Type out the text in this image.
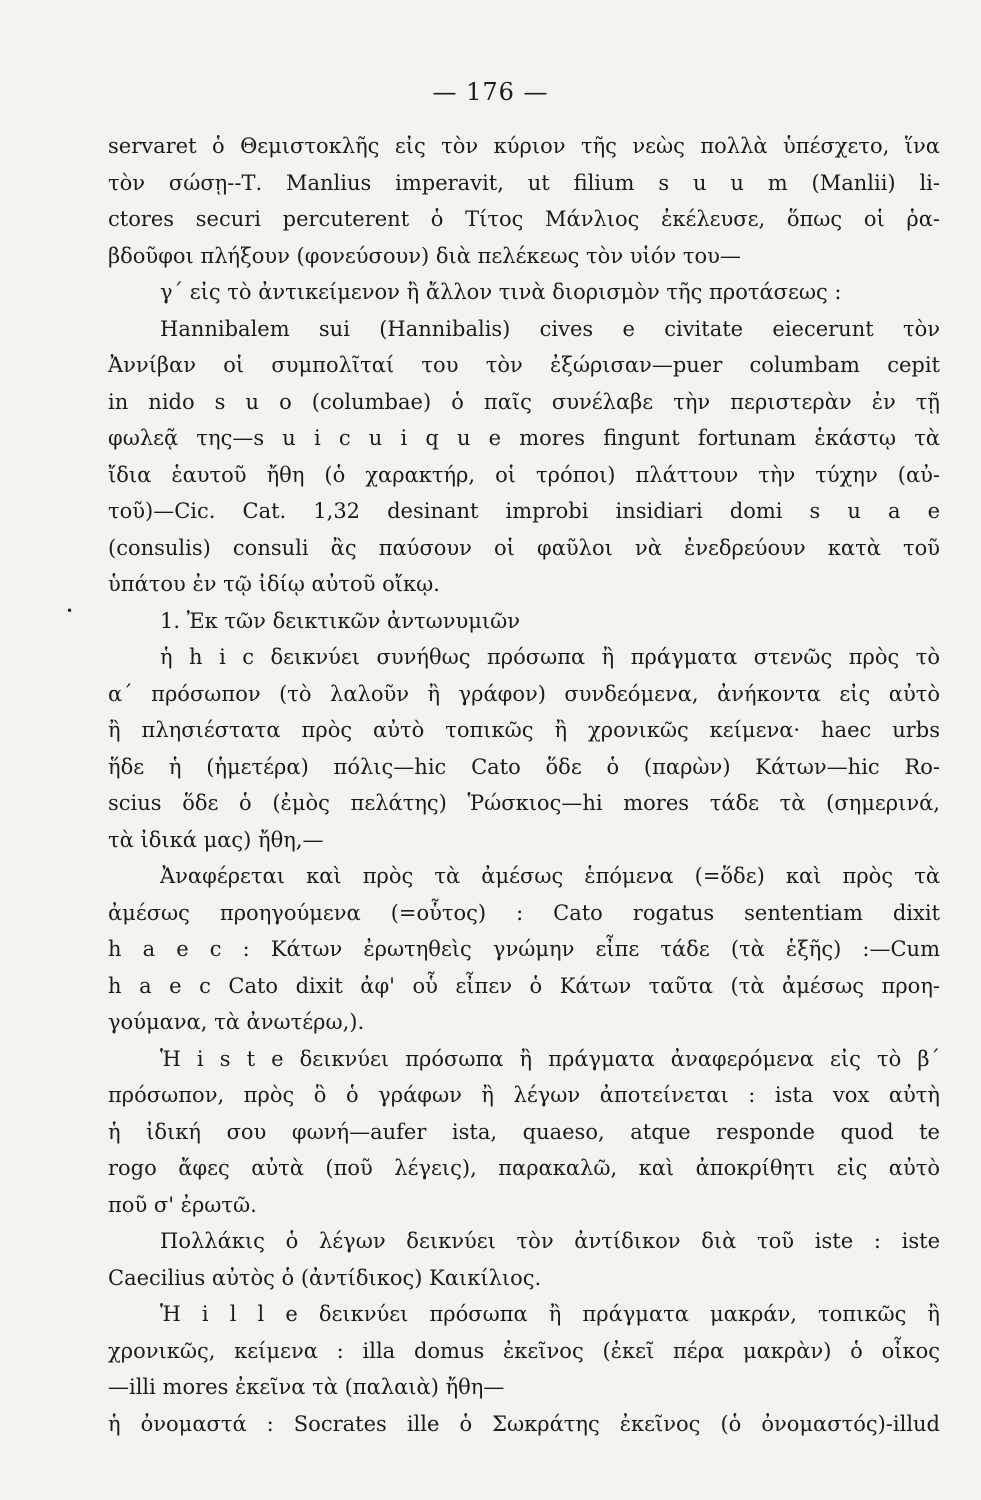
— 176 —
•
servaret ὁ Θεμιστοκλῆς εἰς τὸν κύριον τῆς νεὼς πολλὰ ὑπέσχετο, ἵνα
τὸν σώσῃ--Τ. Manlius imperavit, ut filium s u u m (Manlii) li-
ctores securi percuterent ὁ Τίτος Μάνλιος ἐκέλευσε, ὅπως οἱ ῥα-
βδοῦφοι πλήξουν (φονεύσουν) διὰ πελέκεως τὸν υἱόν του—
γ΄ εἰς τὸ ἀντικείμενον ἢ ἄλλον τινὰ διορισμὸν τῆς προτάσεως :
Hannibalem sui (Hannibalis) cives e civitate eiecerunt τὸν
Ἀννίβαν οἱ συμπολῖταί του τὸν ἐξώρισαν—puer columbam cepit
in nido s u o (columbae) ὁ παῖς συνέλαβε τὴν περιστερὰν ἐν τῇ
φωλεᾷ της—s u i c u i q u e mores fingunt fortunam ἑκάστῳ τὰ
ἴδια ἑαυτοῦ ἤθη (ὁ χαρακτήρ, οἱ τρόποι) πλάττουν τὴν τύχην (αὐ-
τοῦ)—Cic. Cat. 1,32 desinant improbi insidiari domi s u a e
(consulis) consuli ἂς παύσουν οἱ φαῦλοι νὰ ἐνεδρεύουν κατὰ τοῦ
ὑπάτου ἐν τῷ ἰδίῳ αὐτοῦ οἴκῳ.
1. Ἐκ τῶν δεικτικῶν ἀντωνυμιῶν
ἡ h i c δεικνύει συνήθως πρόσωπα ἢ πράγματα στενῶς πρὸς τὸ
α΄ πρόσωπον (τὸ λαλοῦν ἢ γράφον) συνδεόμενα, ἀνήκοντα εἰς αὐτὸ
ἢ πλησιέστατα πρὸς αὐτὸ τοπικῶς ἢ χρονικῶς κείμενα· haec urbs
ἥδε ἡ (ἡμετέρα) πόλις—hic Cato ὅδε ὁ (παρὼν) Κάτων—hic Ro-
scius ὅδε ὁ (ἐμὸς πελάτης) Ῥώσκιος—hi mores τάδε τὰ (σημερινά,
τὰ ἰδικά μας) ἤθη,—
Ἀναφέρεται καὶ πρὸς τὰ ἀμέσως ἑπόμενα (=ὅδε) καὶ πρὸς τὰ
ἀμέσως προηγούμενα (=οὗτος) : Cato rogatus sententiam dixit
h a e c : Κάτων ἐρωτηθεὶς γνώμην εἶπε τάδε (τὰ ἑξῆς) :—Cum
h a e c Cato dixit ἀφ' οὗ εἶπεν ὁ Κάτων ταῦτα (τὰ ἀμέσως προη-
γούμανα, τὰ ἀνωτέρω,).
Ἡ i s t e δεικνύει πρόσωπα ἢ πράγματα ἀναφερόμενα εἰς τὸ β΄
πρόσωπον, πρὸς ὃ ὁ γράφων ἢ λέγων ἀποτείνεται : ista vox αὐτὴ
ἡ ἰδική σου φωνή—aufer ista, quaeso, atque responde quod te
rogo ἄφες αὐτὰ (ποῦ λέγεις), παρακαλῶ, καὶ ἀποκρίθητι εἰς αὐτὸ
ποῦ σ' ἐρωτῶ.
Πολλάκις ὁ λέγων δεικνύει τὸν ἀντίδικον διὰ τοῦ iste : iste
Caecilius αὐτὸς ὁ (ἀντίδικος) Καικίλιος.
Ἡ i l l e δεικνύει πρόσωπα ἢ πράγματα μακράν, τοπικῶς ἢ
χρονικῶς, κείμενα : illa domus ἐκεῖνος (ἐκεῖ πέρα μακρὰν) ὁ οἶκος
—illi mores ἐκεῖνα τὰ (παλαιὰ) ἤθη—
ἡ ὀνομαστά : Socrates ille ὁ Σωκράτης ἐκεῖνος (ὁ ὀνομαστός)-illud
